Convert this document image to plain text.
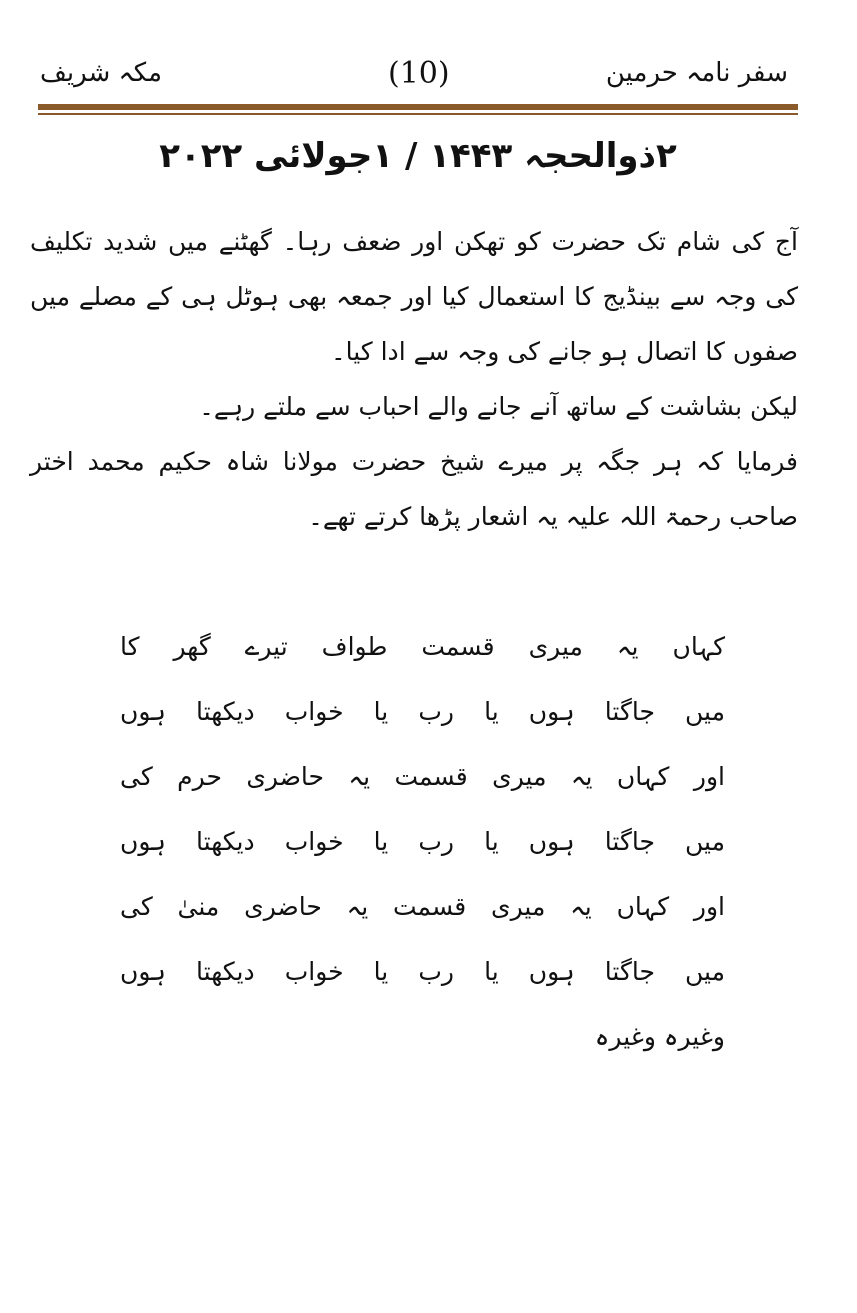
سفر نامہ حرمین
(10)
مکہ شریف
۲ذوالحجہ ۱۴۴۳ / ۱جولائی ۲۰۲۲

آج کی شام تک حضرت کو تھکن اور ضعف رہا۔ گھٹنے میں شدید تکلیف کی وجہ سے بینڈیج کا استعمال کیا اور جمعہ بھی ہوٹل ہی کے مصلے میں صفوں کا اتصال ہو جانے کی وجہ سے ادا کیا۔

لیکن بشاشت کے ساتھ آنے جانے والے احباب سے ملتے رہے۔

فرمایا کہ ہر جگہ پر میرے شیخ حضرت مولانا شاہ حکیم محمد اختر صاحب رحمۃ اللہ علیہ یہ اشعار پڑھا کرتے تھے۔

کہاں یہ میری قسمت طواف تیرے گھر کا
میں جاگتا ہوں یا رب یا خواب دیکھتا ہوں
اور کہاں یہ میری قسمت یہ حاضری حرم کی
میں جاگتا ہوں یا رب یا خواب دیکھتا ہوں
اور کہاں یہ میری قسمت یہ حاضری منیٰ کی
میں جاگتا ہوں یا رب یا خواب دیکھتا ہوں
وغیرہ وغیرہ
